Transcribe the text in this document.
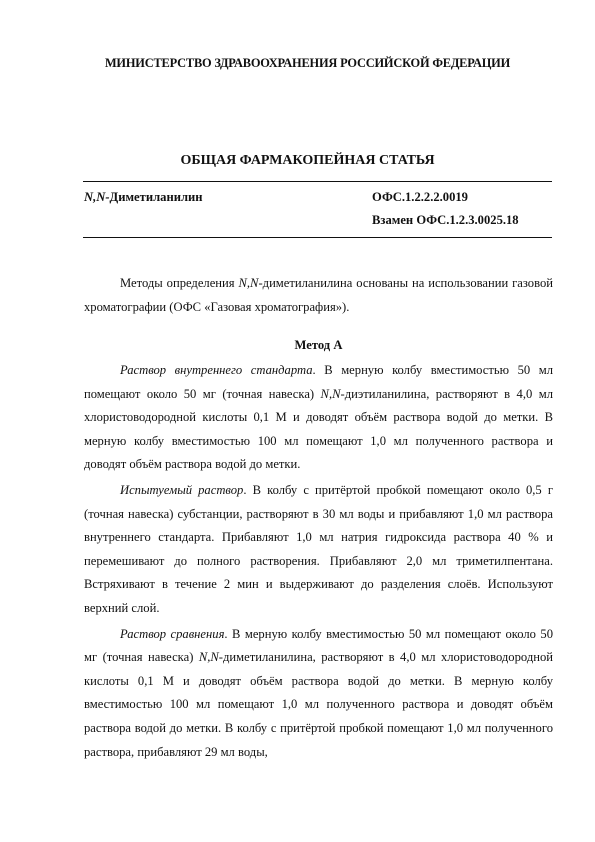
МИНИСТЕРСТВО ЗДРАВООХРАНЕНИЯ РОССИЙСКОЙ ФЕДЕРАЦИИ
ОБЩАЯ ФАРМАКОПЕЙНАЯ СТАТЬЯ
N,N-Диметиланилин	ОФС.1.2.2.2.0019
Взамен ОФС.1.2.3.0025.18

Методы определения N,N-диметиланилина основаны на использовании газовой хроматографии (ОФС «Газовая хроматография»).

Метод А

Раствор внутреннего стандарта. В мерную колбу вместимостью 50 мл помещают около 50 мг (точная навеска) N,N-диэтиланилина, растворяют в 4,0 мл хлористоводородной кислоты 0,1 М и доводят объём раствора водой до метки. В мерную колбу вместимостью 100 мл помещают 1,0 мл полученного раствора и доводят объём раствора водой до метки.

Испытуемый раствор. В колбу с притёртой пробкой помещают около 0,5 г (точная навеска) субстанции, растворяют в 30 мл воды и прибавляют 1,0 мл раствора внутреннего стандарта. Прибавляют 1,0 мл натрия гидроксида раствора 40 % и перемешивают до полного растворения. Прибавляют 2,0 мл триметилпентана. Встряхивают в течение 2 мин и выдерживают до разделения слоёв. Используют верхний слой.

Раствор сравнения. В мерную колбу вместимостью 50 мл помещают около 50 мг (точная навеска) N,N-диметиланилина, растворяют в 4,0 мл хлористоводородной кислоты 0,1 М и доводят объём раствора водой до метки. В мерную колбу вместимостью 100 мл помещают 1,0 мл полученного раствора и доводят объём раствора водой до метки. В колбу с притёртой пробкой помещают 1,0 мл полученного раствора, прибавляют 29 мл воды,
